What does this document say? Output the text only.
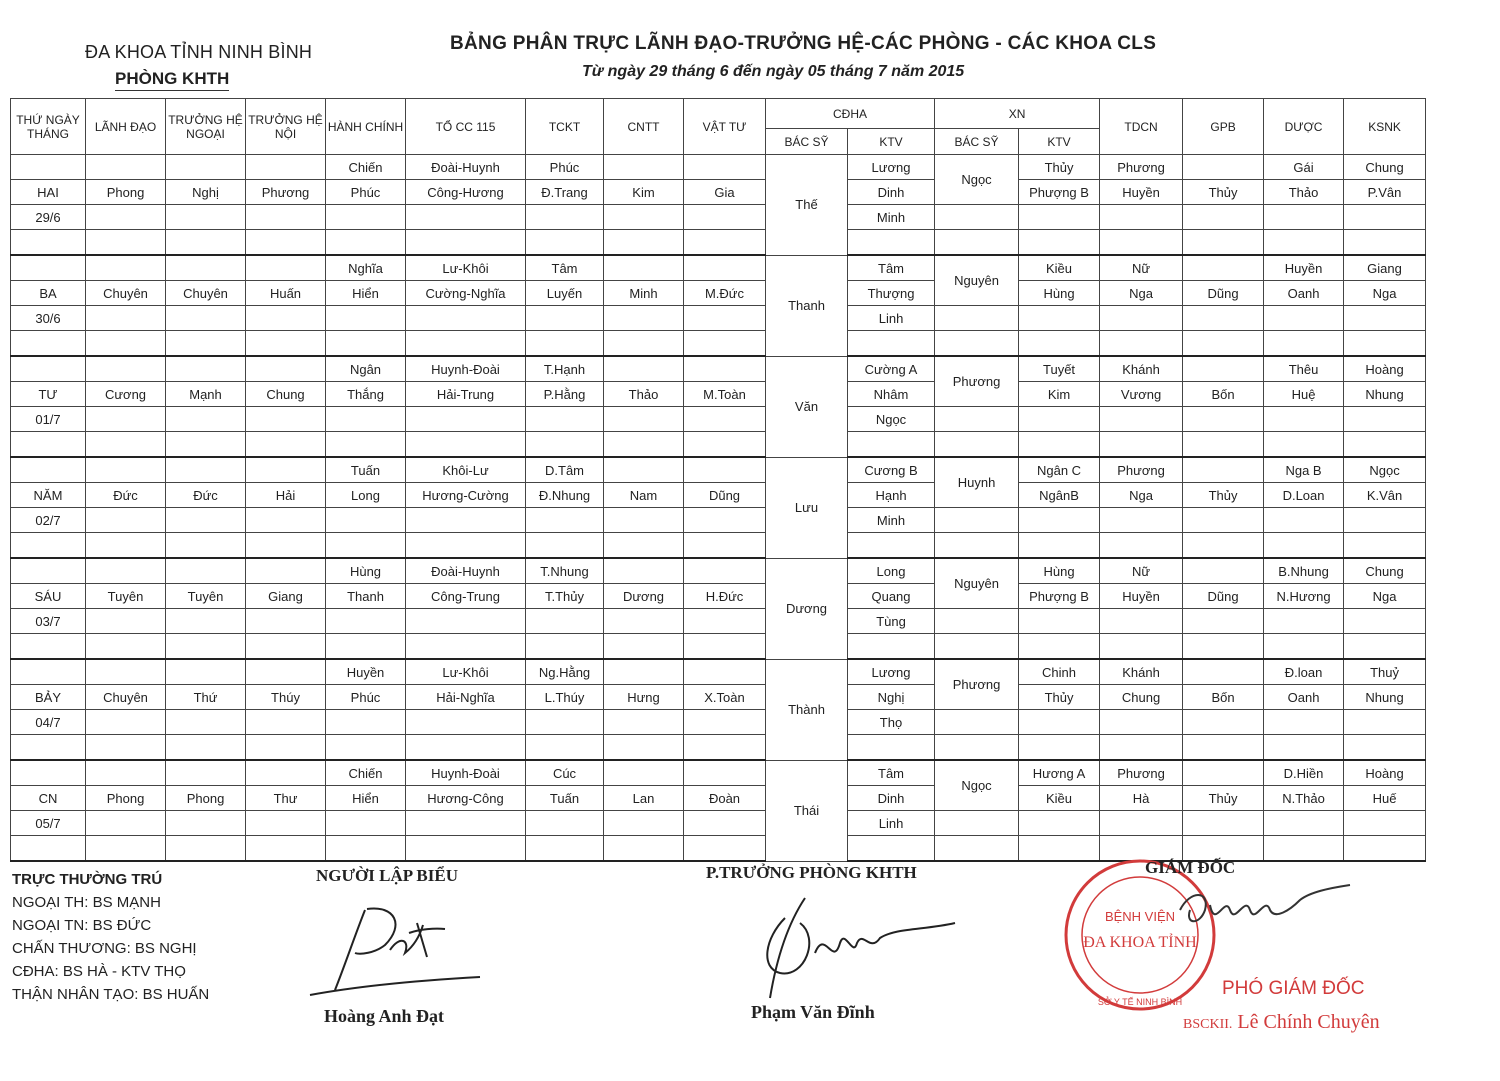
ĐA KHOA TỈNH NINH BÌNH
PHÒNG KHTH
BẢNG PHÂN TRỰC LÃNH ĐẠO-TRƯỞNG HỆ-CÁC PHÒNG - CÁC KHOA CLS
Từ ngày 29 tháng 6 đến ngày 05 tháng 7 năm 2015
THỨ NGÀY THÁNG	LÃNH ĐẠO	TRƯỞNG HỆ NGOẠI	TRƯỞNG HỆ NỘI	HÀNH CHÍNH	TỔ CC 115	TCKT	CNTT	VẬT TƯ	CĐHA		XN		TDCN	GPB	DƯỢC	KSNK	
									BÁC SỸ	KTV	BÁC SỸ	KTV					
				Chiến	Đoài-Huynh	Phúc			Thế	Lương	Ngọc	Thủy	Phương		Gái	Chung	
HAI	Phong	Nghị	Phương	Phúc	Công-Hương	Đ.Trang	Kim	Gia		Dinh		Phượng B	Huyền	Thủy	Thảo	P.Vân	
29/6										Minh							

				Nghĩa	Lư-Khôi	Tâm			Thanh	Tâm	Nguyên	Kiều	Nữ		Huyền	Giang	
BA	Chuyên	Chuyên	Huấn	Hiển	Cường-Nghĩa	Luyến	Minh	M.Đức		Thượng		Hùng	Nga	Dũng	Oanh	Nga	
30/6										Linh							

				Ngân	Huynh-Đoài	T.Hạnh			Văn	Cường A	Phương	Tuyết	Khánh		Thêu	Hoàng	
TƯ	Cương	Mạnh	Chung	Thắng	Hải-Trung	P.Hằng	Thảo	M.Toàn		Nhâm		Kim	Vương	Bốn	Huệ	Nhung	
01/7										Ngọc							

				Tuấn	Khôi-Lư	D.Tâm			Lưu	Cương B	Huynh	Ngân C	Phương		Nga B	Ngọc	
NĂM	Đức	Đức	Hải	Long	Hương-Cường	Đ.Nhung	Nam	Dũng		Hạnh		NgânB	Nga	Thủy	D.Loan	K.Vân	
02/7										Minh							

				Hùng	Đoài-Huynh	T.Nhung			Dương	Long	Nguyên	Hùng	Nữ		B.Nhung	Chung	
SÁU	Tuyên	Tuyên	Giang	Thanh	Công-Trung	T.Thủy	Dương	H.Đức		Quang		Phượng B	Huyền	Dũng	N.Hương	Nga	
03/7										Tùng							

				Huyền	Lư-Khôi	Ng.Hằng			Thành	Lương	Phương	Chinh	Khánh		Đ.loan	Thuỷ	
BẢY	Chuyên	Thứ	Thúy	Phúc	Hải-Nghĩa	L.Thúy	Hưng	X.Toàn		Nghị		Thủy	Chung	Bốn	Oanh	Nhung	
04/7										Thọ							

				Chiến	Huynh-Đoài	Cúc			Thái	Tâm	Ngọc	Hương A	Phương		D.Hiền	Hoàng	
CN	Phong	Phong	Thư	Hiển	Hương-Công	Tuấn	Lan	Đoàn		Dinh		Kiều	Hà	Thủy	N.Thảo	Huế	
05/7										Linh							

TRỰC THƯỜNG TRÚ
NGOẠI TH: BS MẠNH
NGOẠI TN: BS ĐỨC
CHẤN THƯƠNG: BS NGHỊ
CĐHA: BS HÀ - KTV THỌ
THẬN NHÂN TẠO: BS HUẤN
NGƯỜI LẬP BIỂU
Hoàng Anh Đạt
P.TRƯỞNG PHÒNG KHTH
Phạm Văn Đĩnh
BỆNH VIỆN
ĐA KHOA TỈNH
SỞ Y TẾ NINH BÌNH
GIÁM ĐỐC
PHÓ GIÁM ĐỐC
BSCKII. Lê Chính Chuyên
